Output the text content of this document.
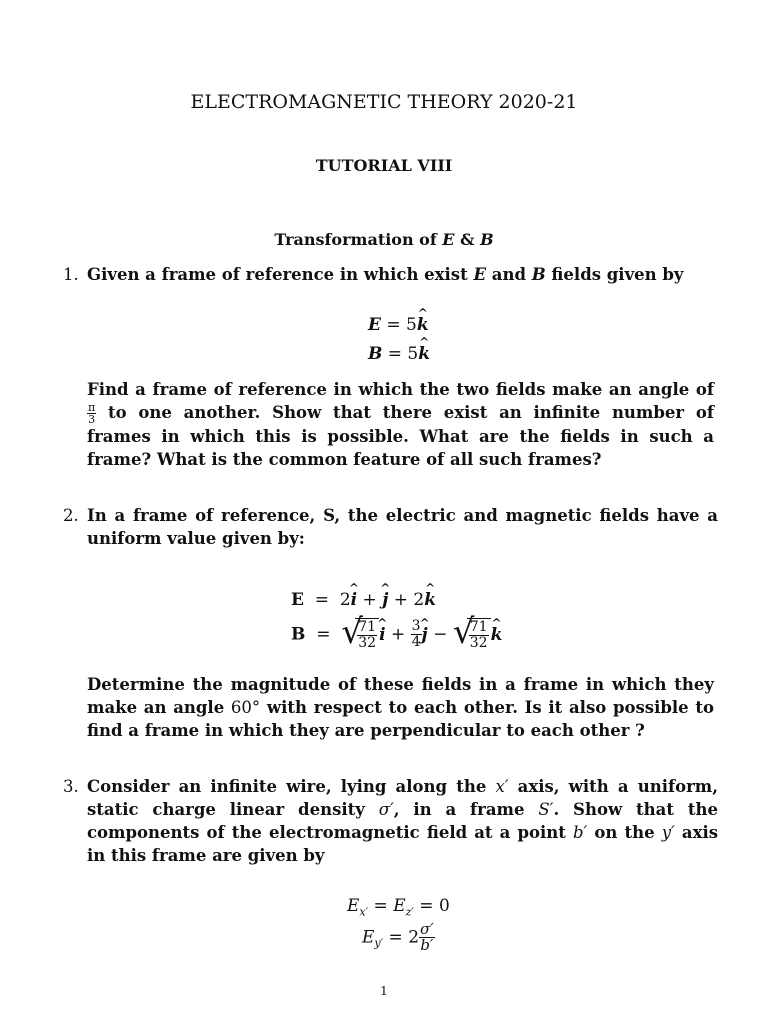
ELECTROMAGNETIC THEORY 2020-21
TUTORIAL VIII
Transformation of E & B
1. Given a frame of reference in which exist E and B fields given by
E = 5^ k
B = 5^ k
Find a frame of reference in which the two fields make an angle of
$\frac{\pi}{3}$ to one another. Show that there exist an infinite number of frames in which this is possible. What are the fields in such a frame? What is the common feature of all such frames?
2. In a frame of reference, S, the electric and magnetic fields have a uniform value given by:
E  =  2^ i + ^ j + 2^ k
B = √
$\frac{71}{32}$ ^ $i + \frac{3}{4}$ ^ j − √
$\frac{71}{32}$ ^ k
Determine the magnitude of these fields in a frame in which they make an angle 60° with respect to each other. Is it also possible to find a frame in which they are perpendicular to each other ?
3. Consider an infinite wire, lying along the x′ axis, with a uniform, static charge linear density σ′, in a frame S′. Show that the components of the electromagnetic field at a point b′ on the y′ axis in this frame are given by
$E_{x'} = E_{z'} = 0$
$E_{y'} = 2 \frac{\sigma'}{b'}$
1
